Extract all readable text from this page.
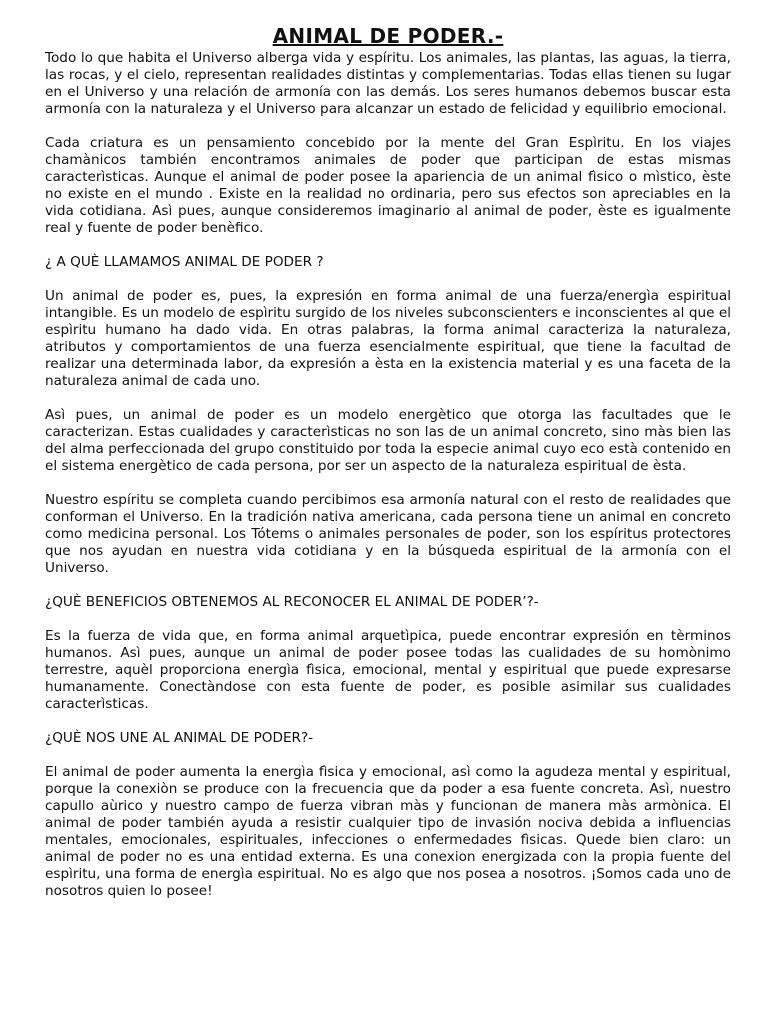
ANIMAL DE PODER.-

Todo lo que habita el Universo alberga vida y espíritu. Los animales, las plantas, las aguas, la tierra, las rocas, y el cielo, representan realidades distintas y complementarias. Todas ellas tienen su lugar en el Universo y una relación de armonía con las demás. Los seres humanos debemos buscar esta armonía con la naturaleza y el Universo para alcanzar un estado de felicidad y equilibrio emocional.

Cada criatura es un pensamiento concebido por la mente del Gran Espìritu. En los viajes chamànicos también encontramos animales de poder que participan de estas mismas caracterìsticas. Aunque el animal de poder posee la apariencia de un animal fìsico o mìstico, èste no existe en el mundo . Existe en la realidad no ordinaria, pero sus efectos son apreciables en la vida cotidiana. Asì pues, aunque consideremos imaginario al animal de poder, èste es igualmente real y fuente de poder benèfico.

¿ A QUÈ LLAMAMOS ANIMAL DE PODER ?

Un animal de poder es, pues, la expresión en forma animal de una fuerza/energìa espiritual intangible. Es un modelo de espìritu surgido de los niveles subconscienters e inconscientes al que el espìritu humano ha dado vida. En otras palabras, la forma animal caracteriza la naturaleza, atributos y comportamientos de una fuerza esencialmente espiritual, que tiene la facultad de realizar una determinada labor, da expresión a èsta en la existencia material y es una faceta de la naturaleza animal de cada uno.

Asì pues, un animal de poder es un modelo energètico que otorga las facultades que le caracterizan. Estas cualidades y caracterìsticas no son las de un animal concreto, sino màs bien las del alma perfeccionada del grupo constituido por toda la especie animal cuyo eco està contenido en el sistema energètico de cada persona, por ser un aspecto de la naturaleza espiritual de èsta.

Nuestro espíritu se completa cuando percibimos esa armonía natural con el resto de realidades que conforman el Universo. En la tradición nativa americana, cada persona tiene un animal en concreto como medicina personal. Los Tótems o animales personales de poder, son los espíritus protectores que nos ayudan en nuestra vida cotidiana y en la búsqueda espiritual de la armonía con el Universo.

¿QUÈ BENEFICIOS OBTENEMOS AL RECONOCER EL ANIMAL DE PODER’?-

Es la fuerza de vida que, en forma animal arquetìpica, puede encontrar expresión en tèrminos humanos. Asì pues, aunque un animal de poder posee todas las cualidades de su homònimo terrestre, aquèl proporciona energìa fìsica, emocional, mental y espiritual que puede expresarse humanamente. Conectàndose con esta fuente de poder, es posible asimilar sus cualidades caracterìsticas.

¿QUÈ NOS UNE AL ANIMAL DE PODER?-

El animal de poder aumenta la energìa fìsica y emocional, asì como la agudeza mental y espiritual, porque la conexiòn se produce con la frecuencia que da poder a esa fuente concreta. Asì, nuestro capullo aùrico y nuestro campo de fuerza vibran màs y funcionan de manera màs armònica. El animal de poder también ayuda a resistir cualquier tipo de invasión nociva debida a influencias mentales, emocionales, espirituales, infecciones o enfermedades fìsicas. Quede bien claro: un animal de poder no es una entidad externa. Es una conexion energizada con la propia fuente del espìritu, una forma de energìa espiritual. No es algo que nos posea a nosotros. ¡Somos cada uno de nosotros quien lo posee!
